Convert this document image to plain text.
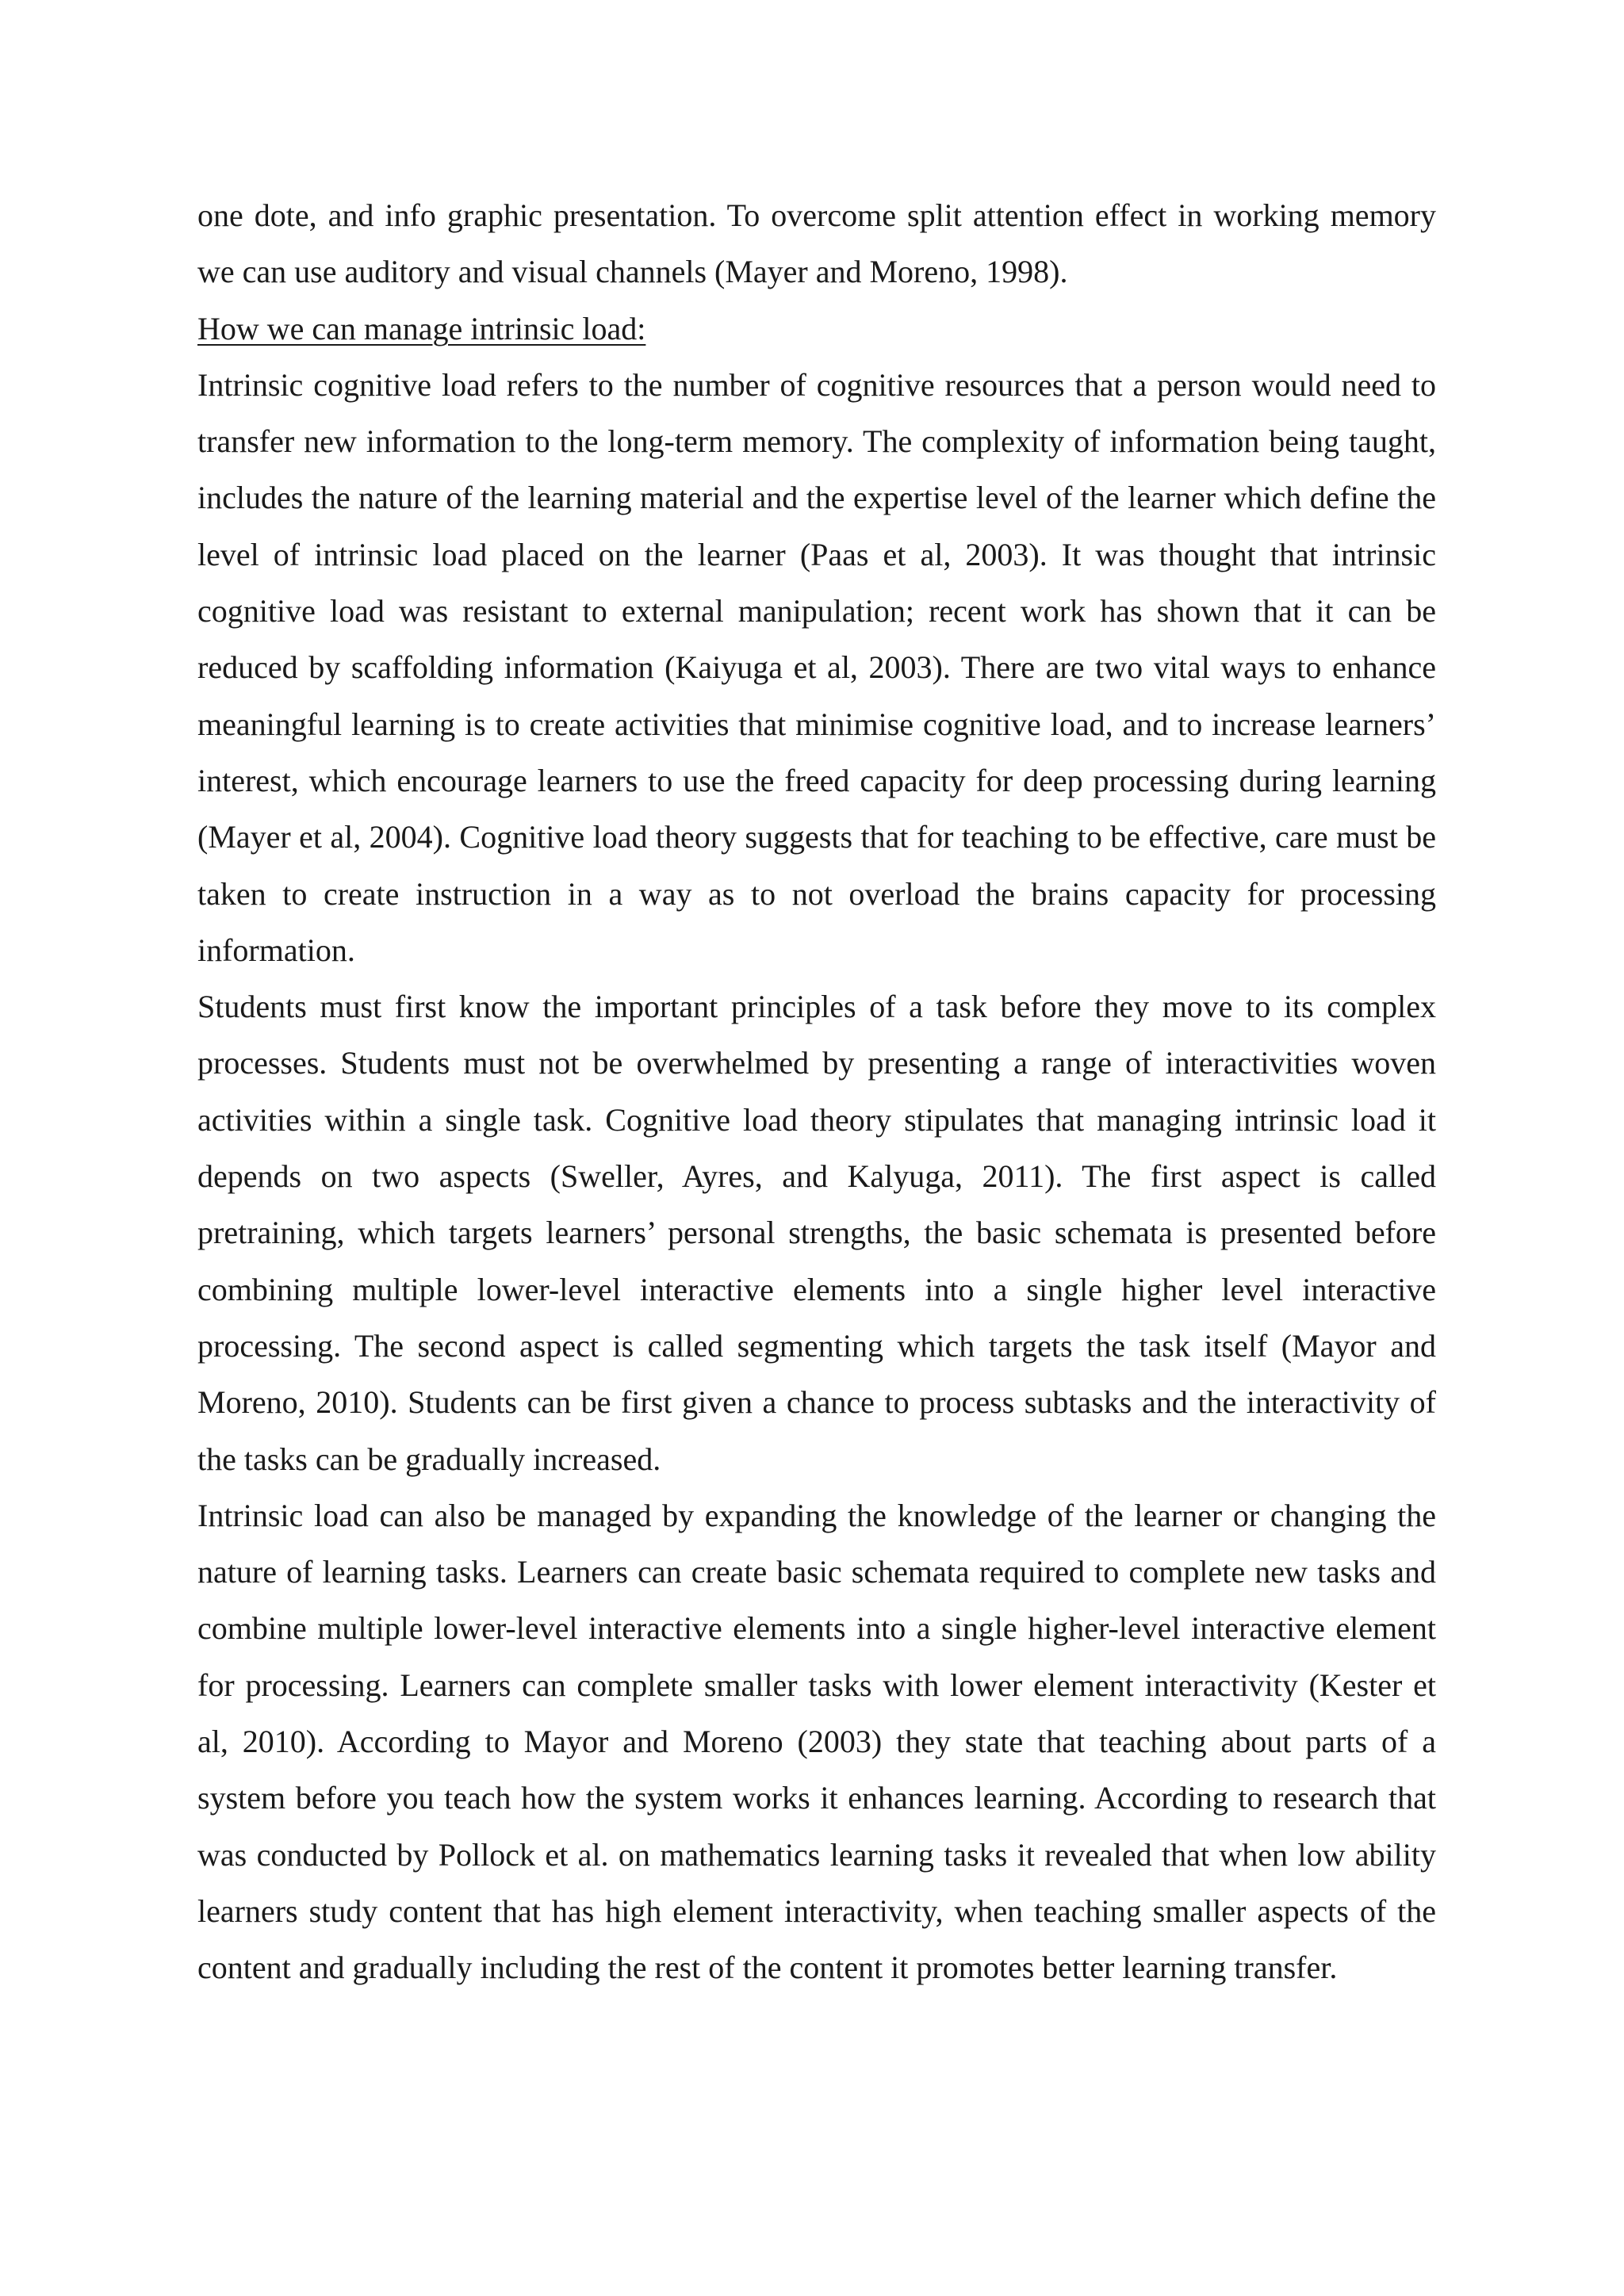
one dote, and info graphic presentation. To overcome split attention effect in working memory we can use auditory and visual channels (Mayer and Moreno, 1998).

How we can manage intrinsic load:

Intrinsic cognitive load refers to the number of cognitive resources that a person would need to transfer new information to the long-term memory. The complexity of information being taught, includes the nature of the learning material and the expertise level of the learner which define the level of intrinsic load placed on the learner (Paas et al, 2003). It was thought that intrinsic cognitive load was resistant to external manipulation; recent work has shown that it can be reduced by scaffolding information (Kaiyuga et al, 2003). There are two vital ways to enhance meaningful learning is to create activities that minimise cognitive load, and to increase learners’ interest, which encourage learners to use the freed capacity for deep processing during learning (Mayer et al, 2004). Cognitive load theory suggests that for teaching to be effective, care must be taken to create instruction in a way as to not overload the brains capacity for processing information.

Students must first know the important principles of a task before they move to its complex processes. Students must not be overwhelmed by presenting a range of interactivities woven activities within a single task. Cognitive load theory stipulates that managing intrinsic load it depends on two aspects (Sweller, Ayres, and Kalyuga, 2011). The first aspect is called pretraining, which targets learners’ personal strengths, the basic schemata is presented before combining multiple lower-level interactive elements into a single higher level interactive processing. The second aspect is called segmenting which targets the task itself (Mayor and Moreno, 2010). Students can be first given a chance to process subtasks and the interactivity of the tasks can be gradually increased.

Intrinsic load can also be managed by expanding the knowledge of the learner or changing the nature of learning tasks. Learners can create basic schemata required to complete new tasks and combine multiple lower-level interactive elements into a single higher-level interactive element for processing. Learners can complete smaller tasks with lower element interactivity (Kester et al, 2010). According to Mayor and Moreno (2003) they state that teaching about parts of a system before you teach how the system works it enhances learning. According to research that was conducted by Pollock et al. on mathematics learning tasks it revealed that when low ability learners study content that has high element interactivity, when teaching smaller aspects of the content and gradually including the rest of the content it promotes better learning transfer.
